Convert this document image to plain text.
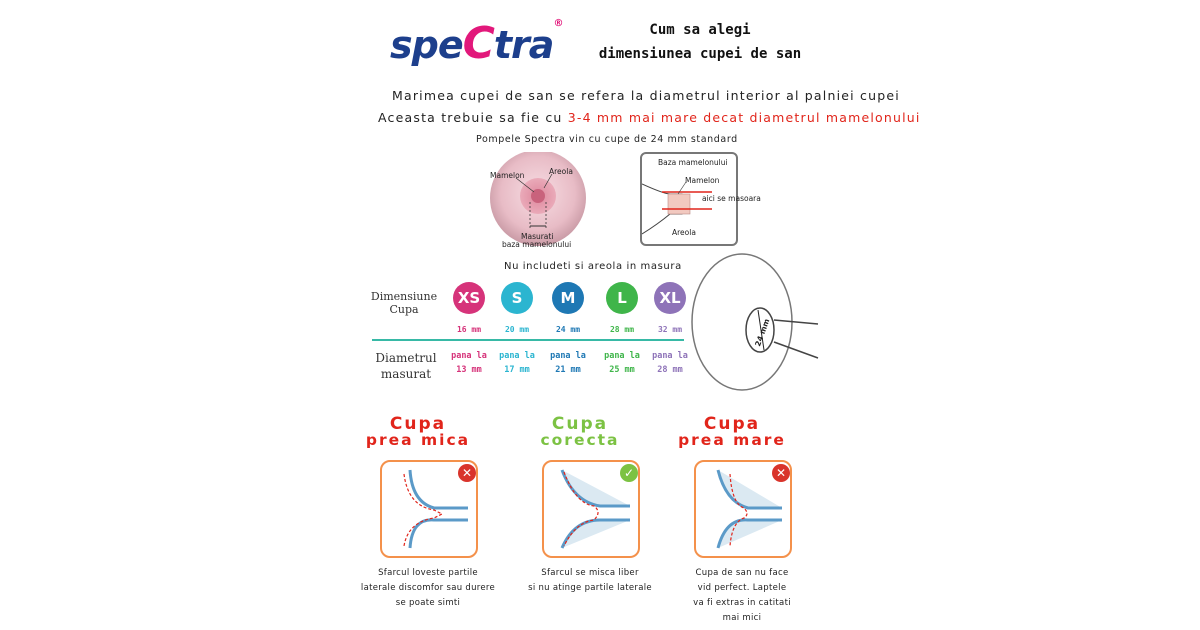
speCtra®	Cum sa alegi
dimensiunea cupei de san
Marimea cupei de san se refera la diametrul interior al palniei cupei
Aceasta trebuie sa fie cu 3-4 mm mai mare decat diametrul mamelonului
Pompele Spectra vin cu cupe de 24 mm standard
Mamelon	Areola
Masurati
baza mamelonului
Baza mamelonului
Mamelon
aici se masoara
Areola
Nu includeti si areola in masura
Dimensiune
Cupa
Diametrul
masurat
XS
16 mm
pana la
13 mm
S
20 mm
pana la
17 mm
M
24 mm
pana la
21 mm
L
28 mm
pana la
25 mm
XL
32 mm
pana la
28 mm
24 mm
Cupa
prea mica
✕
Sfarcul loveste partile
laterale discomfor sau durere
se poate simti
Cupa
corecta
✓
Sfarcul se misca liber
si nu atinge partile laterale
Cupa
prea mare
✕
Cupa de san nu face
vid perfect. Laptele
va fi extras in catitati
mai mici
